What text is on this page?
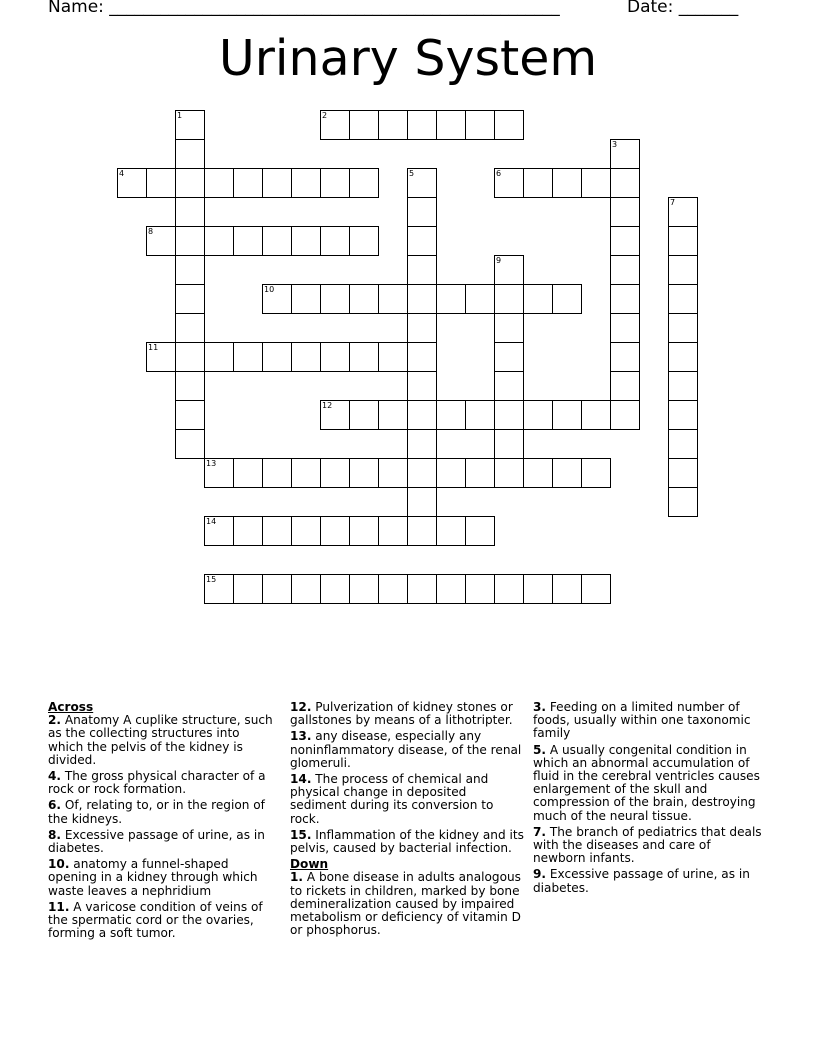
Name: _____________________________________________________	Date: _______
Urinary System
1	2
3
4	5	6
7
8
9
10
11
12
13
14
15
Across
2. Anatomy A cuplike structure, such as the collecting structures into which the pelvis of the kidney is divided.
4. The gross physical character of a rock or rock formation.
6. Of, relating to, or in the region of the kidneys.
8. Excessive passage of urine, as in diabetes.
10. anatomy a funnel-shaped opening in a kidney through which waste leaves a nephridium
11. A varicose condition of veins of the spermatic cord or the ovaries, forming a soft tumor.
12. Pulverization of kidney stones or gallstones by means of a lithotripter.
13. any disease, especially any noninflammatory disease, of the renal glomeruli.
14. The process of chemical and physical change in deposited sediment during its conversion to rock.
15. Inflammation of the kidney and its pelvis, caused by bacterial infection.
Down
1. A bone disease in adults analogous to rickets in children, marked by bone demineralization caused by impaired metabolism or deficiency of vitamin D or phosphorus.
3. Feeding on a limited number of foods, usually within one taxonomic family
5. A usually congenital condition in which an abnormal accumulation of fluid in the cerebral ventricles causes enlargement of the skull and compression of the brain, destroying much of the neural tissue.
7. The branch of pediatrics that deals with the diseases and care of newborn infants.
9. Excessive passage of urine, as in diabetes.
